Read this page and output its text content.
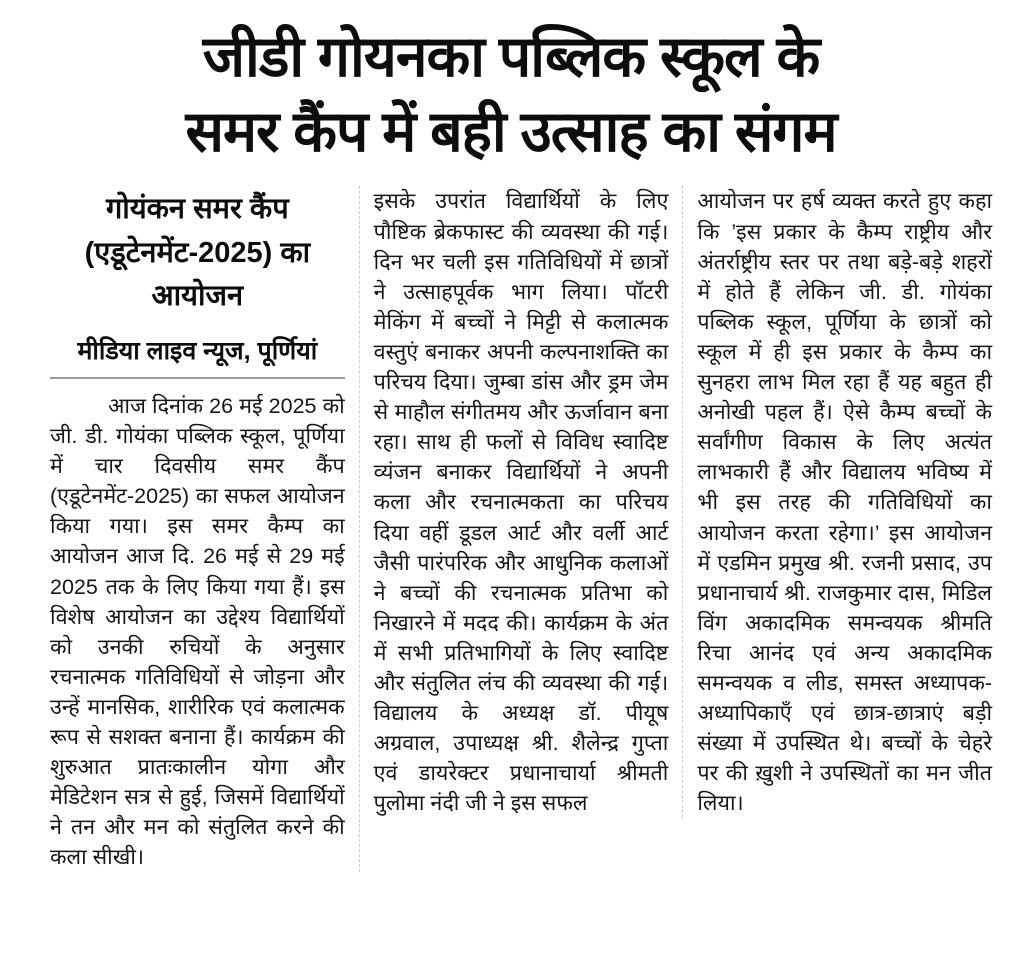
जीडी गोयनका पब्लिक स्कूल के
समर कैंप में बही उत्साह का संगम
गोयंकन समर कैंप
(एडूटेनमेंट-2025) का
आयोजन
मीडिया लाइव न्यूज, पूर्णियां

आज दिनांक 26 मई 2025 को जी. डी. गोयंका पब्लिक स्कूल, पूर्णिया में चार दिवसीय समर कैंप (एडूटेनमेंट-2025) का सफल आयोजन किया गया। इस समर कैम्प का आयोजन आज दि. 26 मई से 29 मई 2025 तक के लिए किया गया हैं। इस विशेष आयोजन का उद्देश्य विद्यार्थियों को उनकी रुचियों के अनुसार रचनात्मक गतिविधियों से जोड़ना और उन्हें मानसिक, शारीरिक एवं कलात्मक रूप से सशक्त बनाना हैं। कार्यक्रम की शुरुआत प्रातःकालीन योगा और मेडिटेशन सत्र से हुई, जिसमें विद्यार्थियों ने तन और मन को संतुलित करने की कला सीखी।

इसके उपरांत विद्यार्थियों के लिए पौष्टिक ब्रेकफास्ट की व्यवस्था की गई। दिन भर चली इस गतिविधियों में छात्रों ने उत्साहपूर्वक भाग लिया। पॉटरी मेकिंग में बच्चों ने मिट्टी से कलात्मक वस्तुएं बनाकर अपनी कल्पनाशक्ति का परिचय दिया। जुम्बा डांस और ड्रम जेम से माहौल संगीतमय और ऊर्जावान बना रहा। साथ ही फलों से विविध स्वादिष्ट व्यंजन बनाकर विद्यार्थियों ने अपनी कला और रचनात्मकता का परिचय दिया वहीं डूडल आर्ट और वर्ली आर्ट जैसी पारंपरिक और आधुनिक कलाओं ने बच्चों की रचनात्मक प्रतिभा को निखारने में मदद की। कार्यक्रम के अंत में सभी प्रतिभागियों के लिए स्वादिष्ट और संतुलित लंच की व्यवस्था की गई। विद्यालय के अध्यक्ष डॉ. पीयूष अग्रवाल, उपाध्यक्ष श्री. शैलेन्द्र गुप्ता एवं डायरेक्टर प्रधानाचार्या श्रीमती पुलोमा नंदी जी ने इस सफल

आयोजन पर हर्ष व्यक्त करते हुए कहा कि ’इस प्रकार के कैम्प राष्ट्रीय और अंतर्राष्ट्रीय स्तर पर तथा बड़े-बड़े शहरों में होते हैं लेकिन जी. डी. गोयंका पब्लिक स्कूल, पूर्णिया के छात्रों को स्कूल में ही इस प्रकार के कैम्प का सुनहरा लाभ मिल रहा हैं यह बहुत ही अनोखी पहल हैं। ऐसे कैम्प बच्चों के सर्वांगीण विकास के लिए अत्यंत लाभकारी हैं और विद्यालय भविष्य में भी इस तरह की गतिविधियों का आयोजन करता रहेगा।’ इस आयोजन में एडमिन प्रमुख श्री. रजनी प्रसाद, उप प्रधानाचार्य श्री. राजकुमार दास, मिडिल विंग अकादमिक समन्वयक श्रीमति रिचा आनंद एवं अन्य अकादमिक समन्वयक व लीड, समस्त अध्यापक-अध्यापिकाएँ एवं छात्र-छात्राएं बड़ी संख्या में उपस्थित थे। बच्चों के चेहरे पर की ख़ुशी ने उपस्थितों का मन जीत लिया।
